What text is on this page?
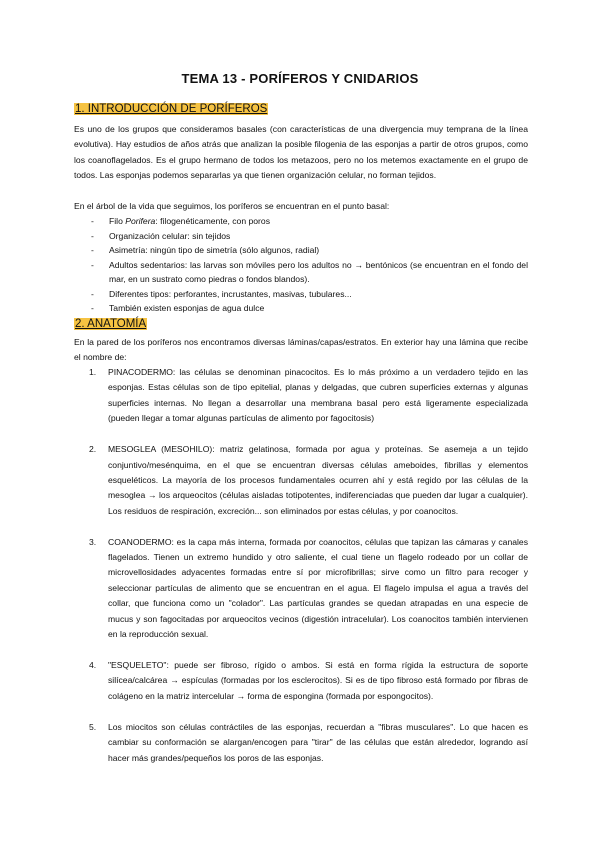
TEMA 13 - PORÍFEROS Y CNIDARIOS
1. INTRODUCCIÓN DE PORÍFEROS

Es uno de los grupos que consideramos basales (con características de una divergencia muy temprana de la línea evolutiva). Hay estudios de años atrás que analizan la posible filogenia de las esponjas a partir de otros grupos, como los coanoflagelados. Es el grupo hermano de todos los metazoos, pero no los metemos exactamente en el grupo de todos. Las esponjas podemos separarlas ya que tienen organización celular, no forman tejidos.

En el árbol de la vida que seguimos, los poríferos se encuentran en el punto basal:

- Filo Porifera: filogenéticamente, con poros
- Organización celular: sin tejidos
- Asimetría: ningún tipo de simetría (sólo algunos, radial)
- Adultos sedentarios: las larvas son móviles pero los adultos no → bentónicos (se encuentran en el fondo del mar, en un sustrato como piedras o fondos blandos).
- Diferentes tipos: perforantes, incrustantes, masivas, tubulares...
- También existen esponjas de agua dulce
2. ANATOMÍA

En la pared de los poríferos nos encontramos diversas láminas/capas/estratos. En exterior hay una lámina que recibe el nombre de:

1. PINACODERMO: las células se denominan pinacocitos. Es lo más próximo a un verdadero tejido en las esponjas. Estas células son de tipo epitelial, planas y delgadas, que cubren superficies externas y algunas superficies internas. No llegan a desarrollar una membrana basal pero está ligeramente especializada (pueden llegar a tomar algunas partículas de alimento por fagocitosis)
2. MESOGLEA (MESOHILO): matriz gelatinosa, formada por agua y proteínas. Se asemeja a un tejido conjuntivo/mesénquima, en el que se encuentran diversas células ameboides, fibrillas y elementos esqueléticos. La mayoría de los procesos fundamentales ocurren ahí y está regido por las células de la mesoglea → los arqueocitos (células aisladas totipotentes, indiferenciadas que pueden dar lugar a cualquier). Los residuos de respiración, excreción... son eliminados por estas células, y por coanocitos.
3. COANODERMO: es la capa más interna, formada por coanocitos, células que tapizan las cámaras y canales flagelados. Tienen un extremo hundido y otro saliente, el cual tiene un flagelo rodeado por un collar de microvellosidades adyacentes formadas entre sí por microfibrillas; sirve como un filtro para recoger y seleccionar partículas de alimento que se encuentran en el agua. El flagelo impulsa el agua a través del collar, que funciona como un "colador". Las partículas grandes se quedan atrapadas en una especie de mucus y son fagocitadas por arqueocitos vecinos (digestión intracelular). Los coanocitos también intervienen en la reproducción sexual.
4. "ESQUELETO": puede ser fibroso, rígido o ambos. Si está en forma rígida la estructura de soporte silícea/calcárea → espículas (formadas por los esclerocitos). Si es de tipo fibroso está formado por fibras de colágeno en la matriz intercelular → forma de espongina (formada por espongocitos).
5. Los miocitos son células contráctiles de las esponjas, recuerdan a "fibras musculares". Lo que hacen es cambiar su conformación se alargan/encogen para "tirar" de las células que están alrededor, logrando así hacer más grandes/pequeños los poros de las esponjas.
